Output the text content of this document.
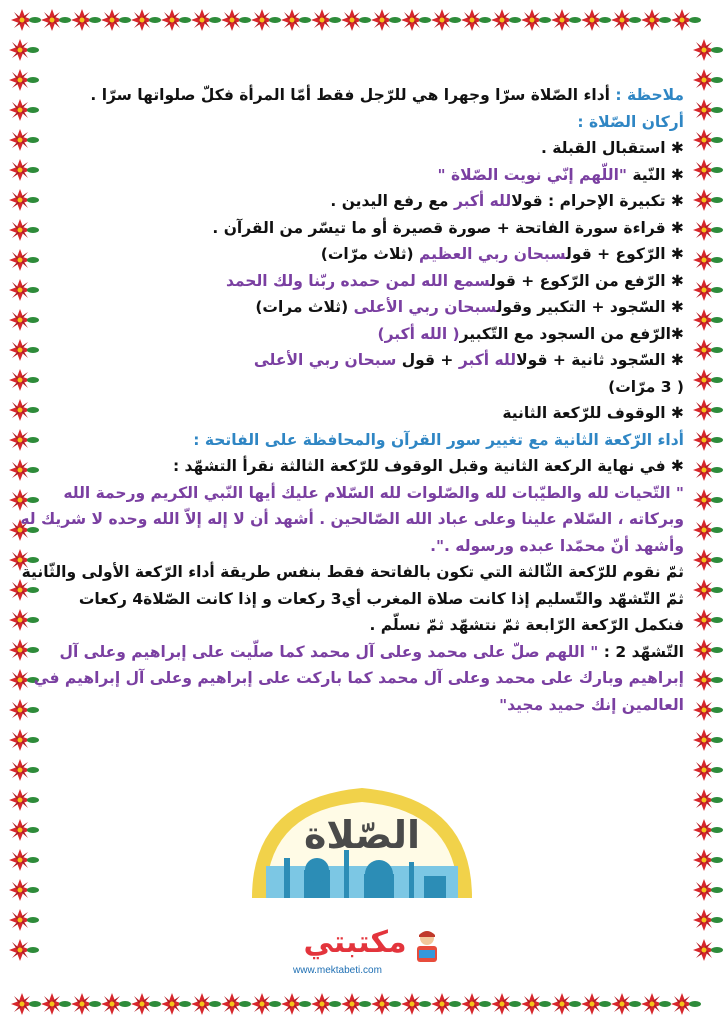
ملاحظة : أداء الصّلاة سرّا وجهرا هي للرّجل فقط أمّا المرأة فكلّ صلواتها سرّا .
أركان الصّلاة :
✱ استقبال القبلة .
✱ النّية "اللّهم إنّي نويت الصّلاة "
✱ تكبيرة الإحرام : قولالله أكبر مع رفع اليدين .
✱ قراءة سورة الفاتحة + صورة قصيرة أو ما تيسّر من القرآن .
✱ الرّكوع + قولسبحان ربي العظيم (ثلاث مرّات)
✱ الرّفع من الرّكوع + قولسمع الله لمن حمده ربّنا ولك الحمد
✱ السّجود + التكبير وقولسبحان ربي الأعلى (ثلاث مرات)
✱الرّفع من السجود مع التّكبير( الله أكبر)
✱ السّجود ثانية + قولالله أكبر + قول سبحان ربي الأعلى
( 3 مرّات)
✱ الوقوف للرّكعة الثانية
أداء الرّكعة الثانية مع تغيير سور القرآن والمحافظة على الفاتحة :
✱ في نهاية الركعة الثانية وقبل الوقوف للرّكعة الثالثة نقرأ التشهّد :
" التّحيات لله والطيّبات لله والصّلوات لله السّلام عليك أيها النّبي الكريم ورحمة الله
وبركاته ، السّلام علينا وعلى عباد الله الصّالحين . أشهد أن لا إله إلاّ الله وحده لا شريك له
وأشهد أنّ محمّدا عبده ورسوله .".
ثمّ نقوم للرّكعة الثّالثة التي تكون بالفاتحة فقط بنفس طريقة أداء الرّكعة الأولى والثّانية
ثمّ التّشهّد والتّسليم إذا كانت صلاة المغرب أي3 ركعات و إذا كانت الصّلاة4 ركعات
فنكمل الرّكعة الرّابعة ثمّ نتشهّد ثمّ نسلّم .
التّشهّد 2 : " اللهم صلّ على محمد وعلى آل محمد كما صلّيت على إبراهيم وعلى آل
إبراهيم وبارك على محمد وعلى آل محمد كما باركت على إبراهيم وعلى آل إبراهيم في
العالمين إنك حميد مجيد"
الصّلاة
مكتبتي
www.mektabeti.com
